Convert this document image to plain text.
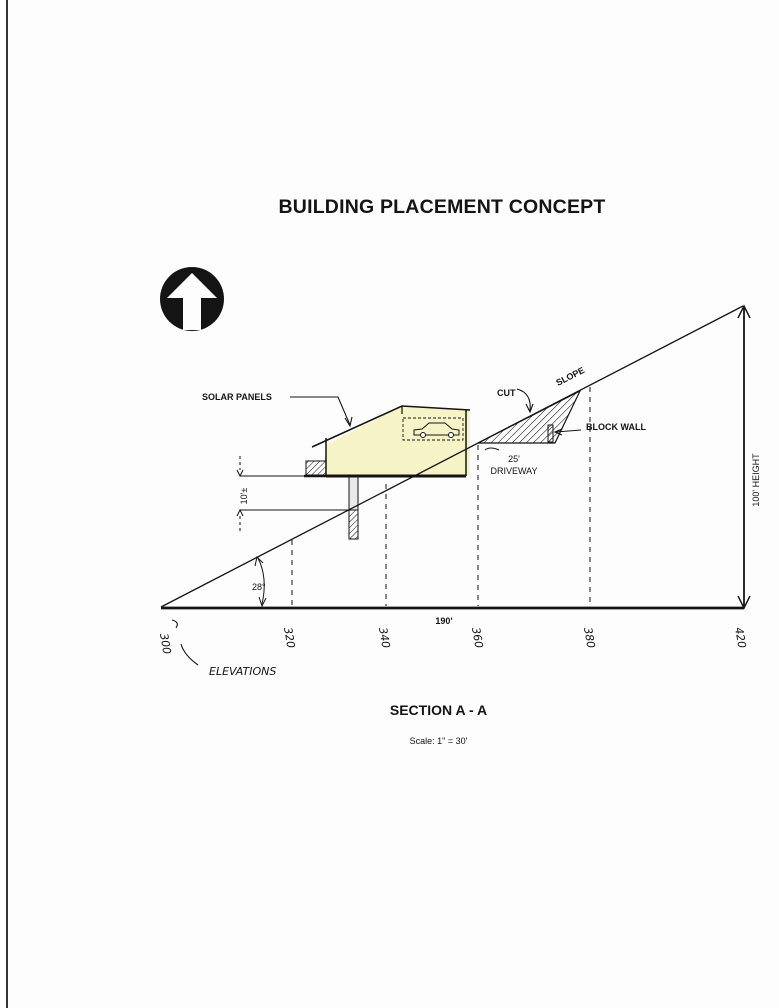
BUILDING PLACEMENT CONCEPT
SOLAR PANELS	CUT
SLOPE
BLOCK WALL
25'
DRIVEWAY
10'±
28°
190'
100' HEIGHT
300	320	340	360	380	420
ELEVATIONS
SECTION A - A
Scale: 1" = 30'
